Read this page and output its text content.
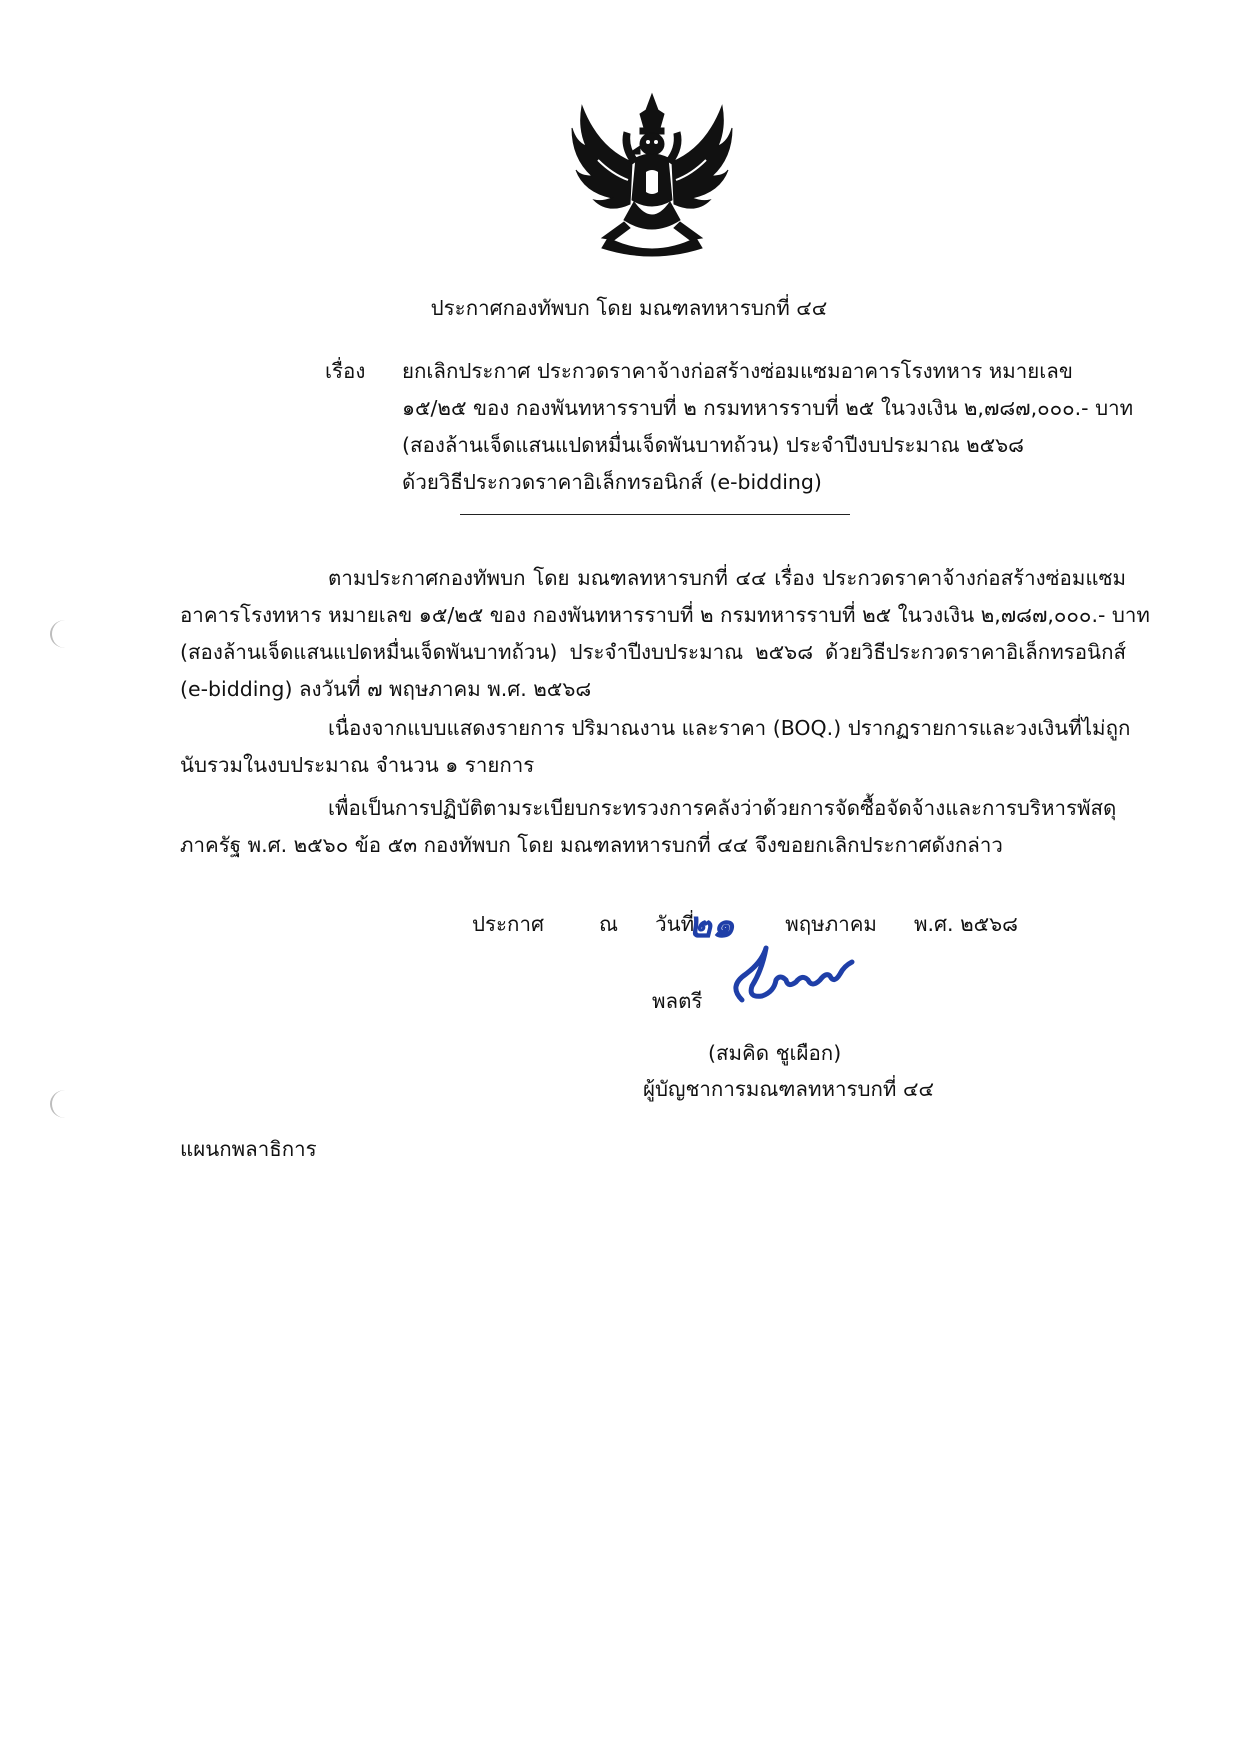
ประกาศกองทัพบก โดย มณฑลทหารบกที่ ๔๔
เรื่อง ยกเลิกประกาศ ประกวดราคาจ้างก่อสร้างซ่อมแซมอาคารโรงทหาร หมายเลข
๑๕/๒๕ ของ กองพันทหารราบที่ ๒ กรมทหารราบที่ ๒๕ ในวงเงิน ๒,๗๘๗,๐๐๐.- บาท
(สองล้านเจ็ดแสนแปดหมื่นเจ็ดพันบาทถ้วน) ประจำปีงบประมาณ ๒๕๖๘
ด้วยวิธีประกวดราคาอิเล็กทรอนิกส์ (e-bidding)
ตามประกาศกองทัพบก โดย มณฑลทหารบกที่ ๔๔ เรื่อง ประกวดราคาจ้างก่อสร้างซ่อมแซม
อาคารโรงทหาร หมายเลข ๑๕/๒๕ ของ กองพันทหารราบที่ ๒ กรมทหารราบที่ ๒๕ ในวงเงิน ๒,๗๘๗,๐๐๐.- บาท
(สองล้านเจ็ดแสนแปดหมื่นเจ็ดพันบาทถ้วน) ประจำปีงบประมาณ ๒๕๖๘ ด้วยวิธีประกวดราคาอิเล็กทรอนิกส์
(e-bidding) ลงวันที่ ๗ พฤษภาคม พ.ศ. ๒๕๖๘
เนื่องจากแบบแสดงรายการ ปริมาณงาน และราคา (BOQ.) ปรากฏรายการและวงเงินที่ไม่ถูก
นับรวมในงบประมาณ จำนวน ๑ รายการ
เพื่อเป็นการปฏิบัติตามระเบียบกระทรวงการคลังว่าด้วยการจัดซื้อจัดจ้างและการบริหารพัสดุ
ภาครัฐ พ.ศ. ๒๕๖๐ ข้อ ๕๓ กองทัพบก โดย มณฑลทหารบกที่ ๔๔ จึงขอยกเลิกประกาศดังกล่าว
ประกาศ	ณ วันที่	พฤษภาคม พ.ศ. ๒๕๖๘
๒๑
พลตรี
(สมคิด ชูเผือก)
ผู้บัญชาการมณฑลทหารบกที่ ๔๔
แผนกพลาธิการ
